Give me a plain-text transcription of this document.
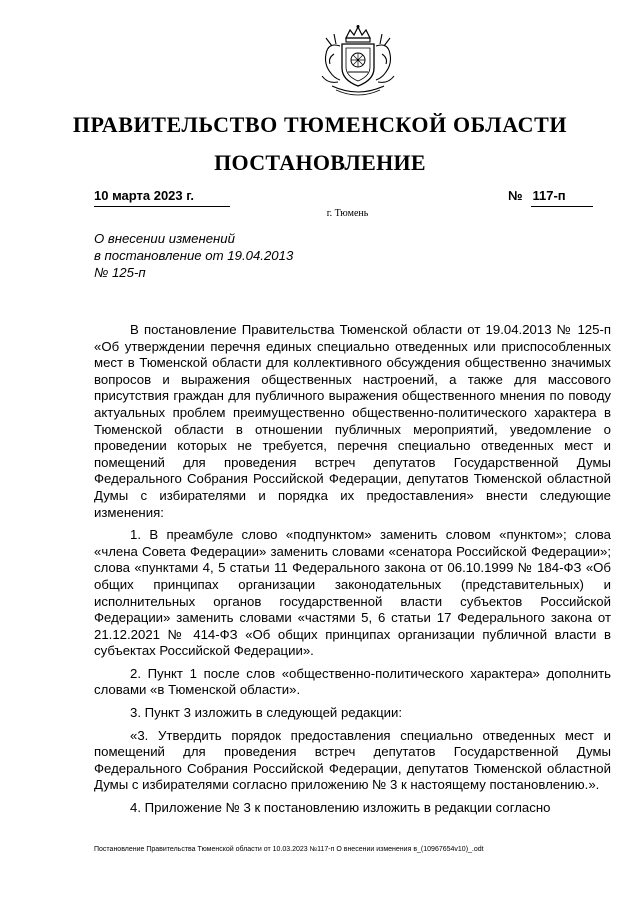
ПРАВИТЕЛЬСТВО ТЮМЕНСКОЙ ОБЛАСТИ
ПОСТАНОВЛЕНИЕ
10 марта 2023 г.	№ 117-п
г. Тюмень
О внесении изменений
в постановление от 19.04.2013
№ 125-п

В постановление Правительства Тюменской области от 19.04.2013 № 125-п «Об утверждении перечня единых специально отведенных или приспособленных мест в Тюменской области для коллективного обсуждения общественно значимых вопросов и выражения общественных настроений, а также для массового присутствия граждан для публичного выражения общественного мнения по поводу актуальных проблем преимущественно общественно-политического характера в Тюменской области в отношении публичных мероприятий, уведомление о проведении которых не требуется, перечня специально отведенных мест и помещений для проведения встреч депутатов Государственной Думы Федерального Собрания Российской Федерации, депутатов Тюменской областной Думы с избирателями и порядка их предоставления» внести следующие изменения:

1. В преамбуле слово «подпунктом» заменить словом «пунктом»; слова «члена Совета Федерации» заменить словами «сенатора Российской Федерации»; слова «пунктами 4, 5 статьи 11 Федерального закона от 06.10.1999 № 184-ФЗ «Об общих принципах организации законодательных (представительных) и исполнительных органов государственной власти субъектов Российской Федерации» заменить словами «частями 5, 6 статьи 17 Федерального закона от 21.12.2021 № 414-ФЗ «Об общих принципах организации публичной власти в субъектах Российской Федерации».

2. Пункт 1 после слов «общественно-политического характера» дополнить словами «в Тюменской области».

3. Пункт 3 изложить в следующей редакции:

«3. Утвердить порядок предоставления специально отведенных мест и помещений для проведения встреч депутатов Государственной Думы Федерального Собрания Российской Федерации, депутатов Тюменской областной Думы с избирателями согласно приложению № 3 к настоящему постановлению.».

4. Приложение № 3 к постановлению изложить в редакции согласно

Постановление Правительства Тюменской области от 10.03.2023 №117-п О внесении изменения в_(10967654v10)_.odt
